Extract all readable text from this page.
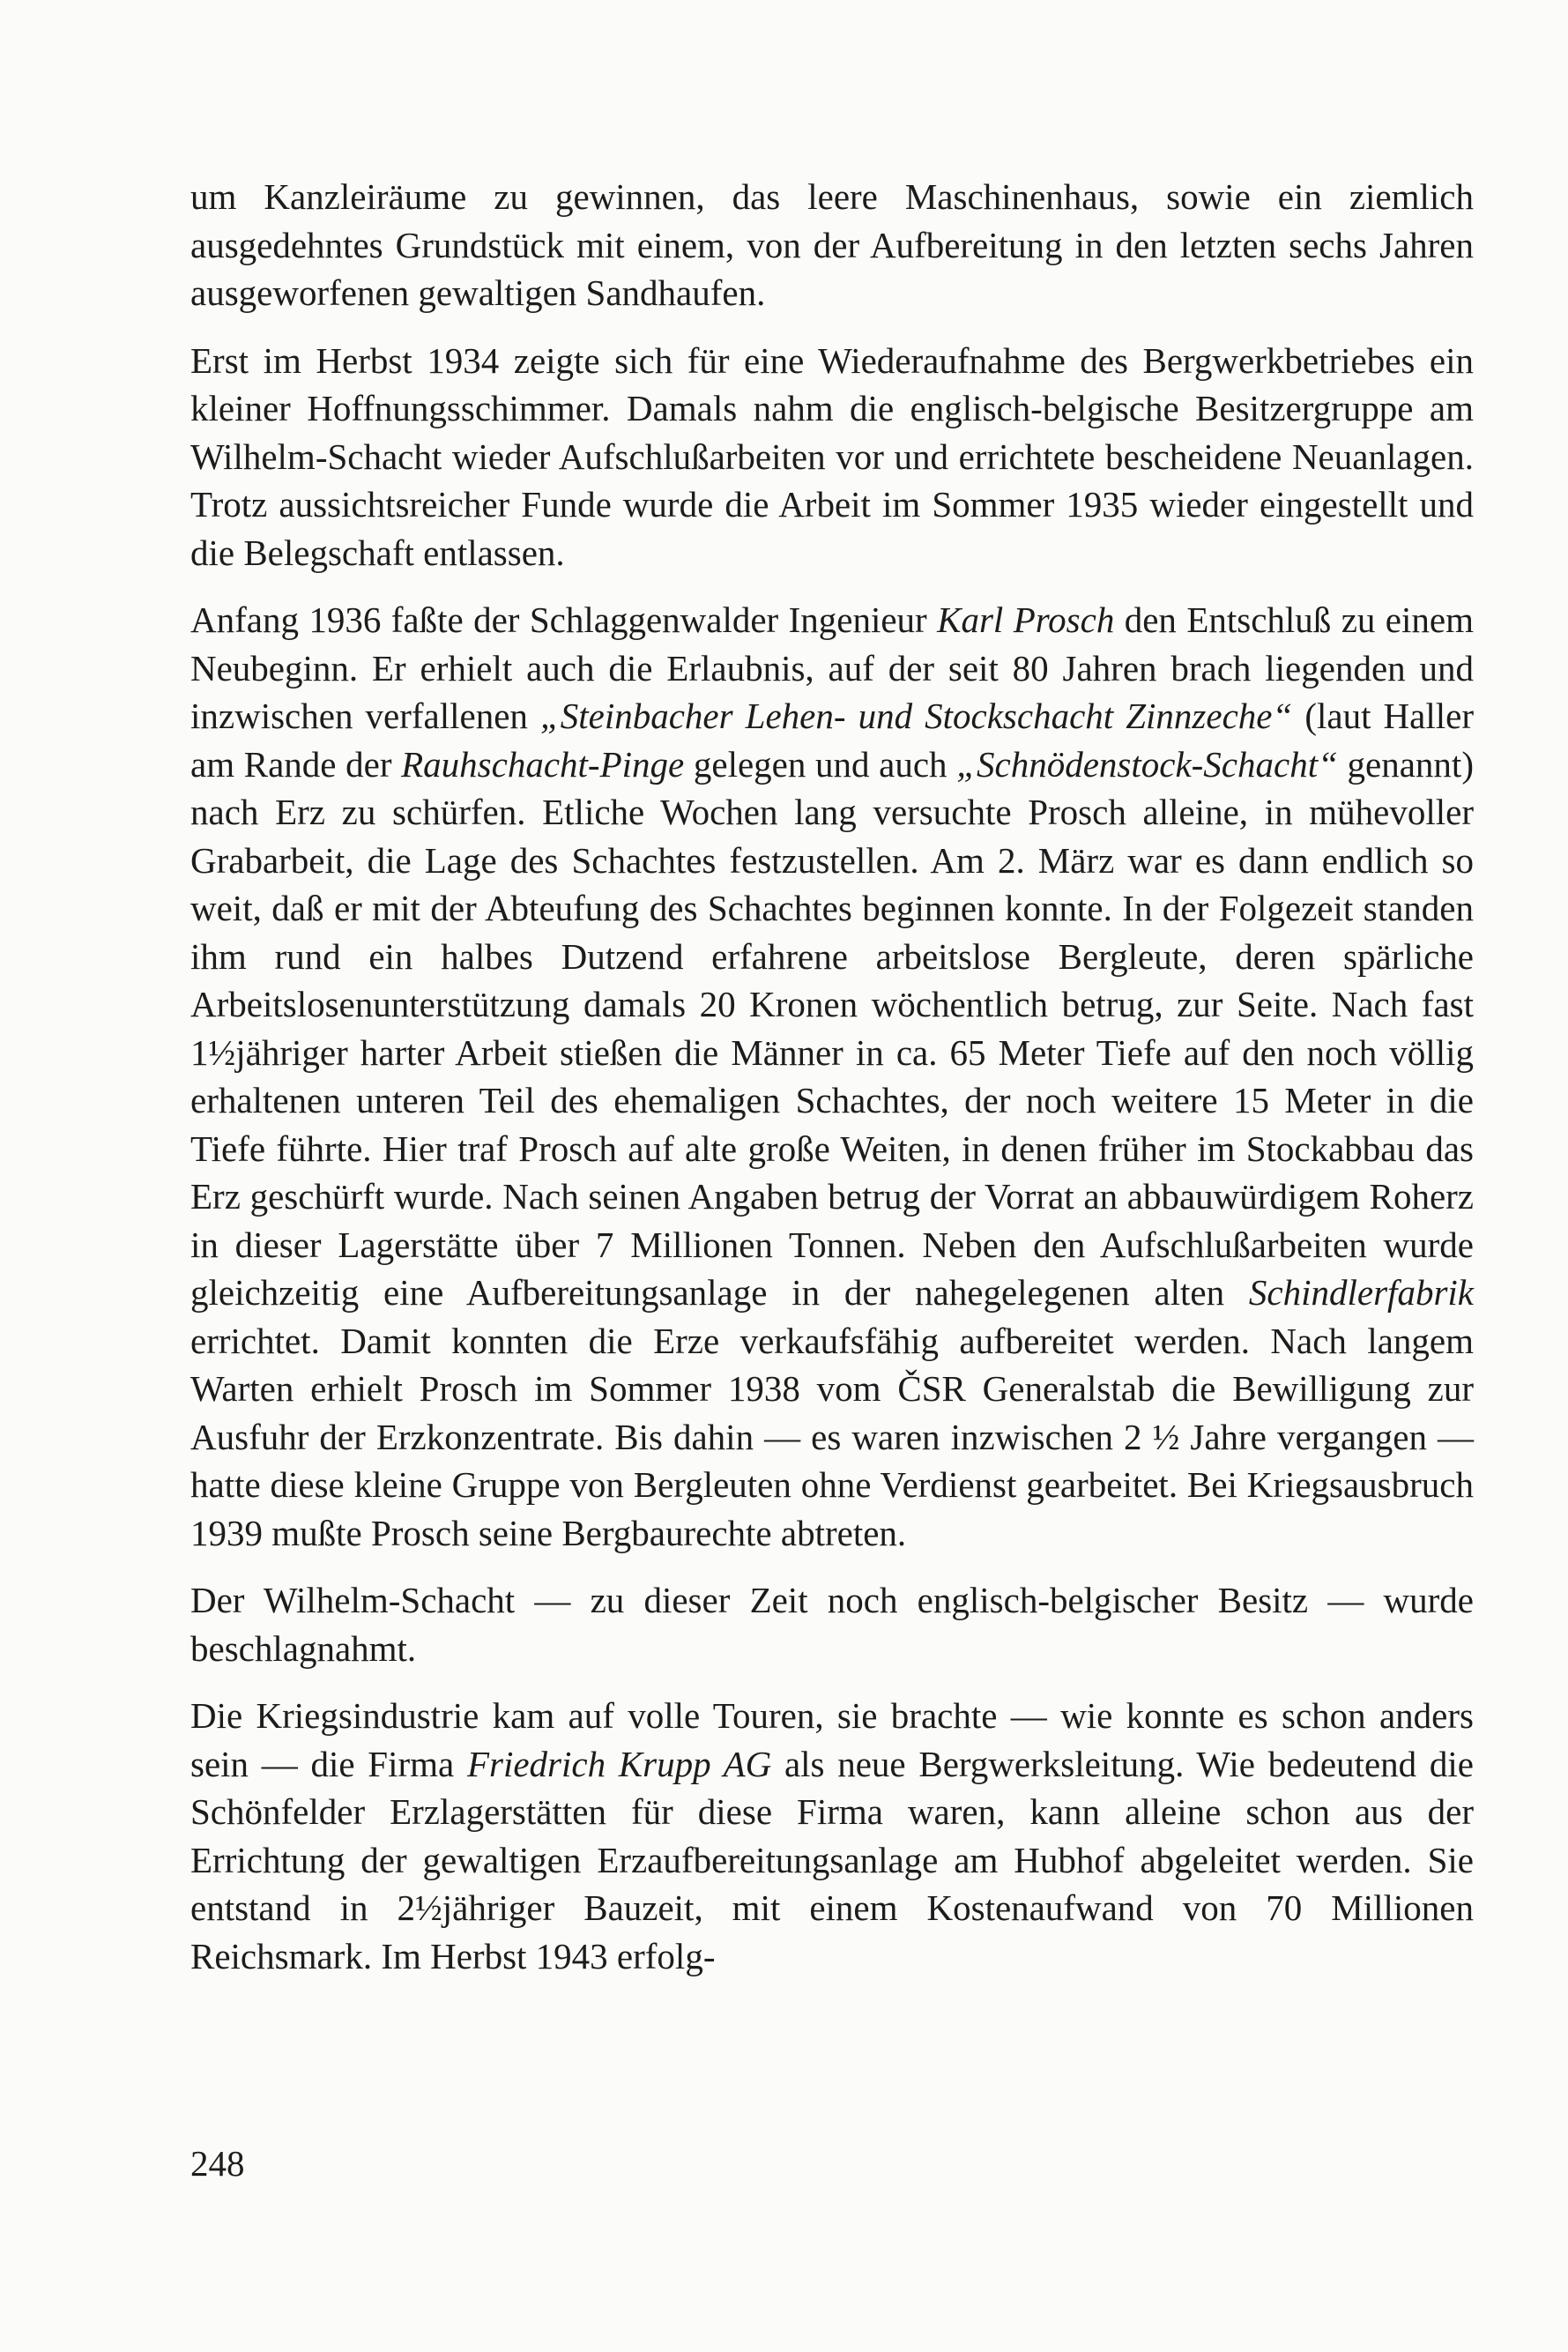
um Kanzleiräume zu gewinnen, das leere Maschinenhaus, sowie ein ziemlich ausgedehntes Grundstück mit einem, von der Aufbereitung in den letzten sechs Jahren ausgeworfenen gewaltigen Sandhaufen.

Erst im Herbst 1934 zeigte sich für eine Wiederaufnahme des Bergwerkbetriebes ein kleiner Hoffnungsschimmer. Damals nahm die englisch-belgische Besitzergruppe am Wilhelm-Schacht wieder Aufschlußarbeiten vor und errichtete bescheidene Neuanlagen. Trotz aussichtsreicher Funde wurde die Arbeit im Sommer 1935 wieder eingestellt und die Belegschaft entlassen.

Anfang 1936 faßte der Schlaggenwalder Ingenieur Karl Prosch den Entschluß zu einem Neubeginn. Er erhielt auch die Erlaubnis, auf der seit 80 Jahren brach liegenden und inzwischen verfallenen „Steinbacher Lehen- und Stockschacht Zinnzeche“ (laut Haller am Rande der Rauhschacht-Pinge gelegen und auch „Schnödenstock-Schacht“ genannt) nach Erz zu schürfen. Etliche Wochen lang versuchte Prosch alleine, in mühevoller Grabarbeit, die Lage des Schachtes festzustellen. Am 2. März war es dann endlich so weit, daß er mit der Abteufung des Schachtes beginnen konnte. In der Folgezeit standen ihm rund ein halbes Dutzend erfahrene arbeitslose Bergleute, deren spärliche Arbeitslosenunterstützung damals 20 Kronen wöchentlich betrug, zur Seite. Nach fast 1½jähriger harter Arbeit stießen die Männer in ca. 65 Meter Tiefe auf den noch völlig erhaltenen unteren Teil des ehemaligen Schachtes, der noch weitere 15 Meter in die Tiefe führte. Hier traf Prosch auf alte große Weiten, in denen früher im Stockabbau das Erz geschürft wurde. Nach seinen Angaben betrug der Vorrat an abbauwürdigem Roherz in dieser Lagerstätte über 7 Millionen Tonnen. Neben den Aufschlußarbeiten wurde gleichzeitig eine Aufbereitungsanlage in der nahegelegenen alten Schindlerfabrik errichtet. Damit konnten die Erze verkaufsfähig aufbereitet werden. Nach langem Warten erhielt Prosch im Sommer 1938 vom ČSR Generalstab die Bewilligung zur Ausfuhr der Erzkonzentrate. Bis dahin — es waren inzwischen 2 ½ Jahre vergangen — hatte diese kleine Gruppe von Bergleuten ohne Verdienst gearbeitet. Bei Kriegsausbruch 1939 mußte Prosch seine Bergbaurechte abtreten.

Der Wilhelm-Schacht — zu dieser Zeit noch englisch-belgischer Besitz — wurde beschlagnahmt.

Die Kriegsindustrie kam auf volle Touren, sie brachte — wie konnte es schon anders sein — die Firma Friedrich Krupp AG als neue Bergwerksleitung. Wie bedeutend die Schönfelder Erzlagerstätten für diese Firma waren, kann alleine schon aus der Errichtung der gewaltigen Erzaufbereitungsanlage am Hubhof abgeleitet werden. Sie entstand in 2½jähriger Bauzeit, mit einem Kostenaufwand von 70 Millionen Reichsmark. Im Herbst 1943 erfolg-

248
